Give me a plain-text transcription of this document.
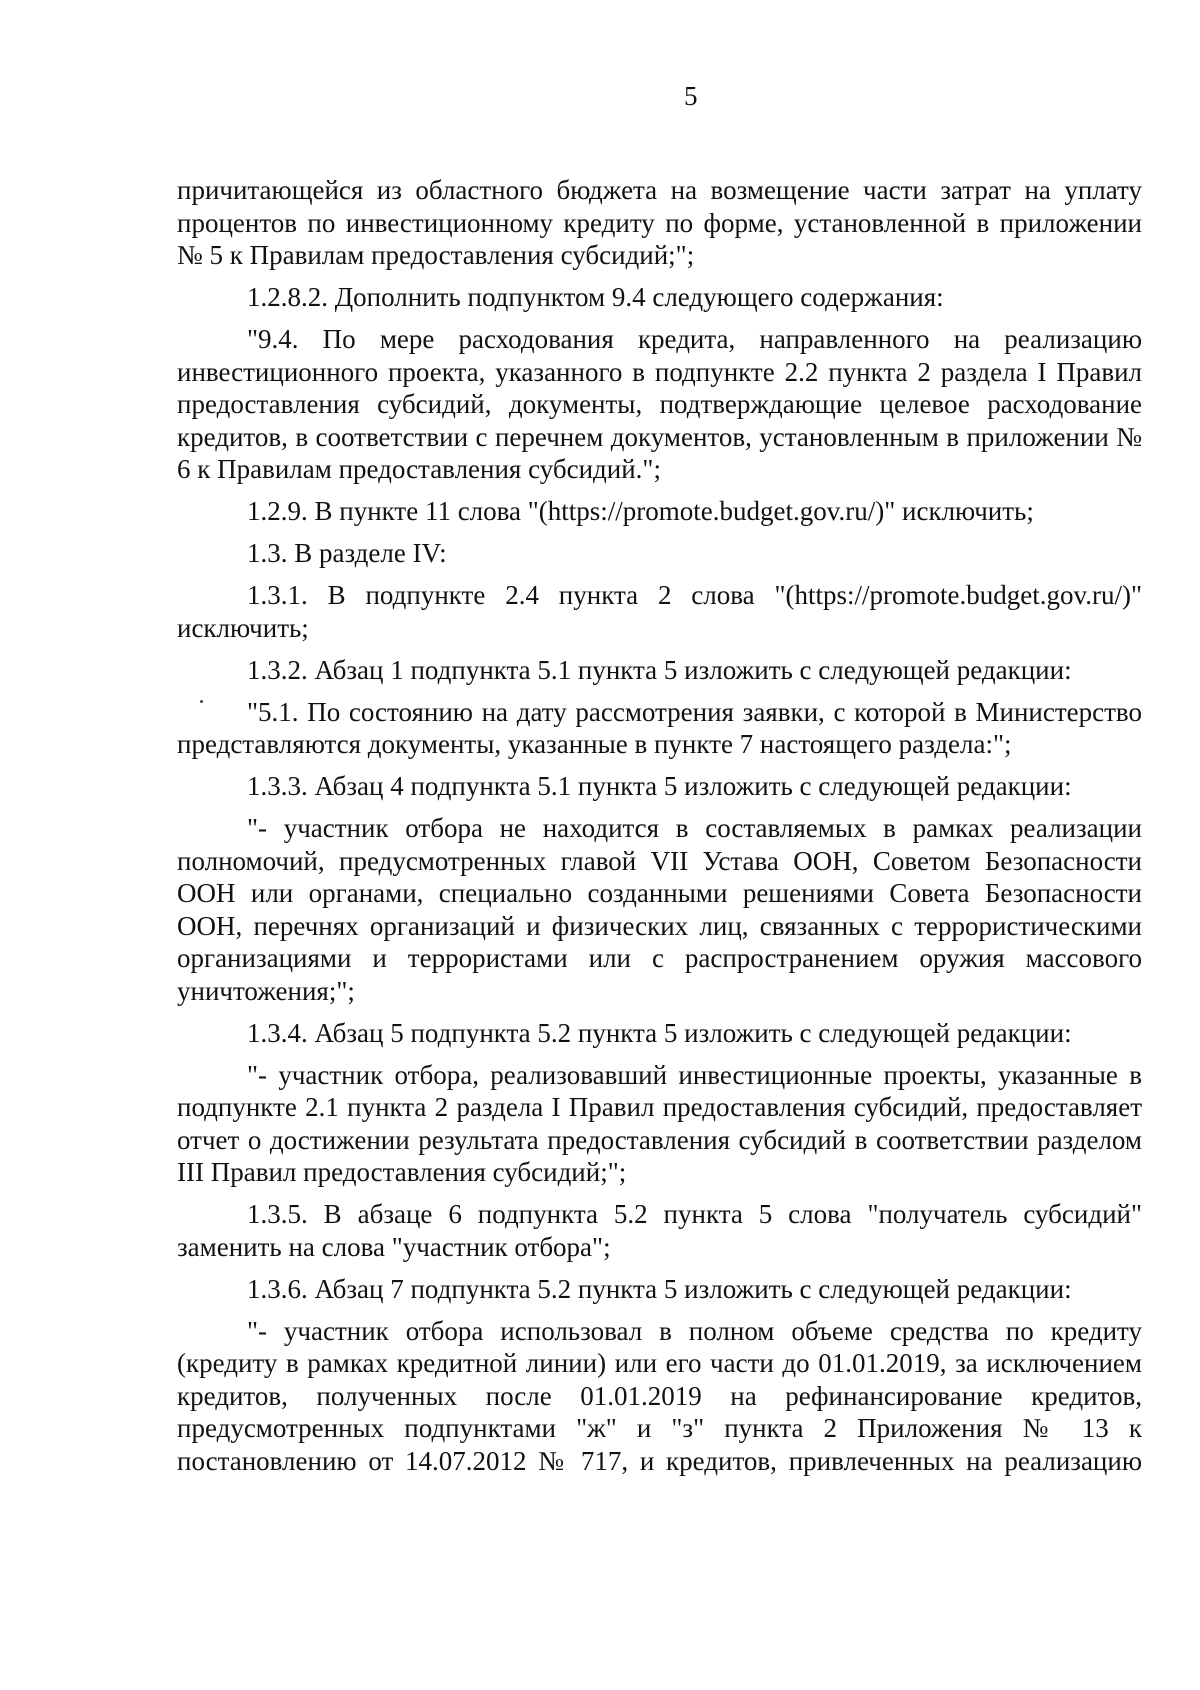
5

причитающейся из областного бюджета на возмещение части затрат на уплату процентов по инвестиционному кредиту по форме, установленной в приложении № 5 к Правилам предоставления субсидий;";

1.2.8.2. Дополнить подпунктом 9.4 следующего содержания:

"9.4. По мере расходования кредита, направленного на реализацию инвестиционного проекта, указанного в подпункте 2.2 пункта 2 раздела I Правил предоставления субсидий, документы, подтверждающие целевое расходование кредитов, в соответствии с перечнем документов, установленным в приложении № 6 к Правилам предоставления субсидий.";

1.2.9. В пункте 11 слова "(https://promote.budget.gov.ru/)" исключить;

1.3. В разделе IV:

1.3.1. В подпункте 2.4 пункта 2 слова "(https://promote.budget.gov.ru/)" исключить;

1.3.2. Абзац 1 подпункта 5.1 пункта 5 изложить с следующей редакции:

"5.1. По состоянию на дату рассмотрения заявки, с которой в Министерство представляются документы, указанные в пункте 7 настоящего раздела:";

1.3.3. Абзац 4 подпункта 5.1 пункта 5 изложить с следующей редакции:

"- участник отбора не находится в составляемых в рамках реализации полномочий, предусмотренных главой VII Устава ООН, Советом Безопасности ООН или органами, специально созданными решениями Совета Безопасности ООН, перечнях организаций и физических лиц, связанных с террористическими организациями и террористами или с распространением оружия массового уничтожения;";

1.3.4. Абзац 5 подпункта 5.2 пункта 5 изложить с следующей редакции:

"- участник отбора, реализовавший инвестиционные проекты, указанные в подпункте 2.1 пункта 2 раздела I Правил предоставления субсидий, предоставляет отчет о достижении результата предоставления субсидий в соответствии разделом III Правил предоставления субсидий;";

1.3.5. В абзаце 6 подпункта 5.2 пункта 5 слова "получатель субсидий" заменить на слова "участник отбора";

1.3.6. Абзац 7 подпункта 5.2 пункта 5 изложить с следующей редакции:

"- участник отбора использовал в полном объеме средства по кредиту (кредиту в рамках кредитной линии) или его части до 01.01.2019, за исключением кредитов, полученных после 01.01.2019 на рефинансирование кредитов, предусмотренных подпунктами "ж" и "з" пункта 2 Приложения № 13 к постановлению от 14.07.2012 № 717, и кредитов, привлеченных на реализацию
